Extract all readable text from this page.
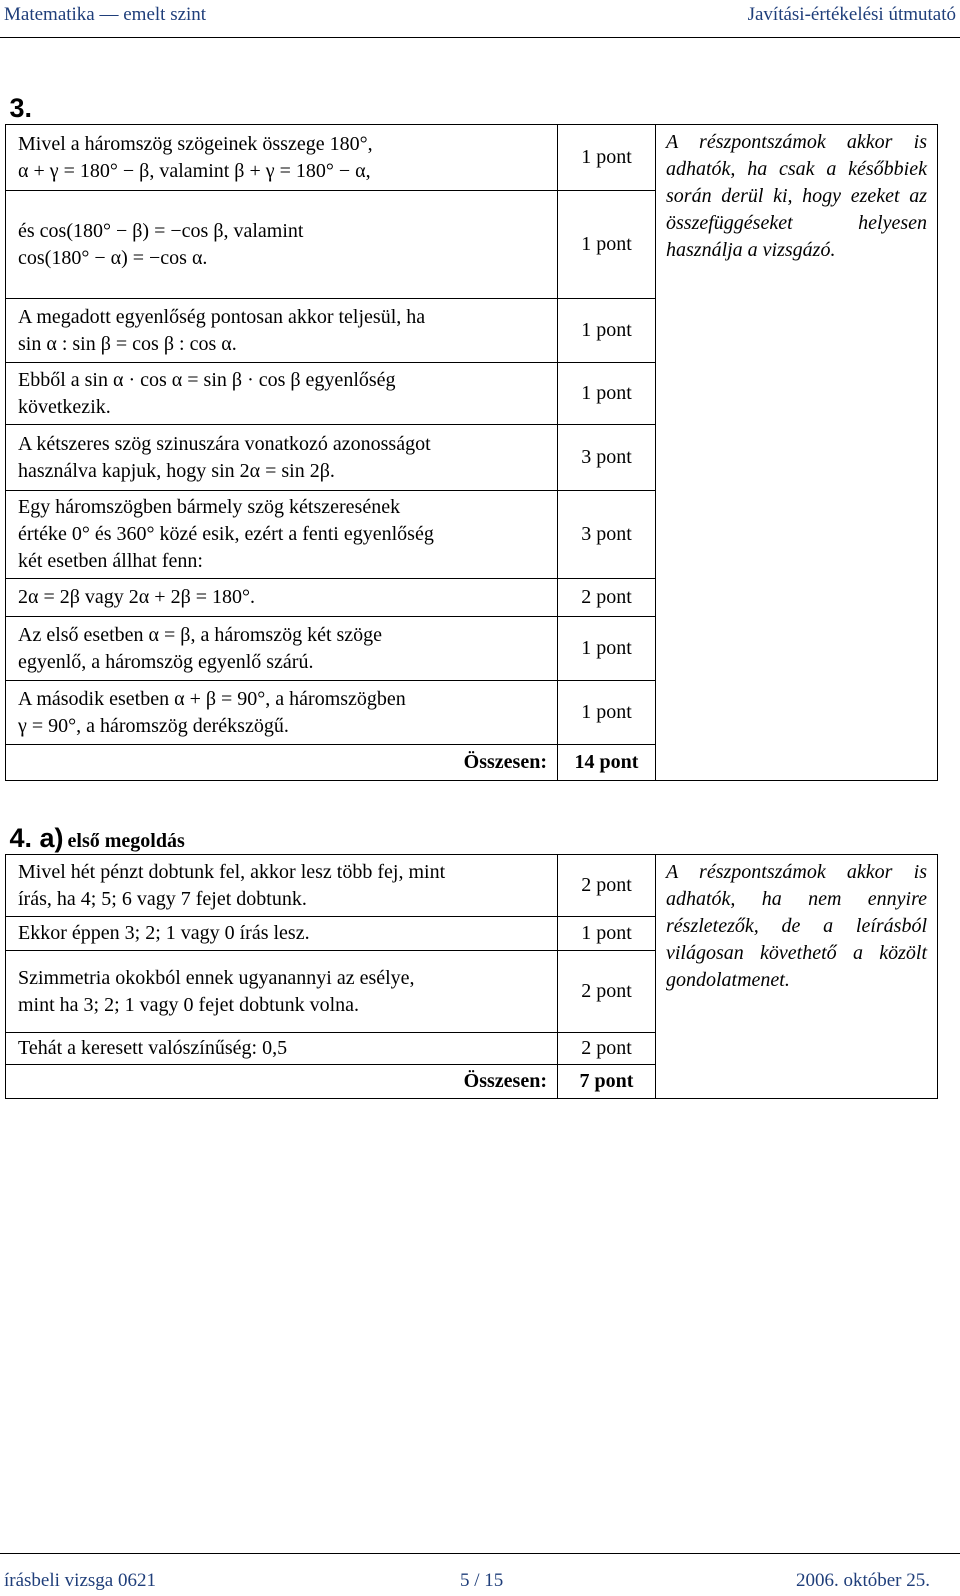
Matematika — emelt szint	Javítási-értékelési útmutató
3.		

Mivel a háromszög szögeinek összege 180°,
α + γ = 180° − β, valamint β + γ = 180° − α,	1 pont	A részpontszámok akkor is adhatók, ha csak a későbbiek során derül ki, hogy ezeket az összefüggéseket helyesen használja a vizsgázó.

és cos(180° − β) = −cos β, valamint
cos(180° − α) = −cos α.	1 pont	

A megadott egyenlőség pontosan akkor teljesül, ha
sin α : sin β = cos β : cos α.	1 pont	

Ebből a sin α · cos α = sin β · cos β egyenlőség
következik.	1 pont	

A kétszeres szög szinuszára vonatkozó azonosságot
használva kapjuk, hogy sin 2α = sin 2β.	3 pont	

Egy háromszögben bármely szög kétszeresének
értéke 0° és 360° közé esik, ezért a fenti egyenlőség
két esetben állhat fenn:	3 pont	

2α = 2β vagy 2α + 2β = 180°.	2 pont	

Az első esetben α = β, a háromszög két szöge
egyenlő, a háromszög egyenlő szárú.	1 pont	

A második esetben α + β = 90°, a háromszögben
γ = 90°, a háromszög derékszögű.	1 pont	
Összesen:	14 pont	
4. a) első megoldás		

Mivel hét pénzt dobtunk fel, akkor lesz több fej, mint
írás, ha 4; 5; 6 vagy 7 fejet dobtunk.	2 pont	A részpontszámok akkor is adhatók, ha nem ennyire részletezők, de a leírásból világosan követhető a közölt gondolatmenet.

Ekkor éppen 3; 2; 1 vagy 0 írás lesz.	1 pont	

Szimmetria okokból ennek ugyanannyi az esélye,
mint ha 3; 2; 1 vagy 0 fejet dobtunk volna.	2 pont	

Tehát a keresett valószínűség: 0,5	2 pont	
Összesen:	7 pont	
írásbeli vizsga 0621	5 / 15	2006. október 25.
